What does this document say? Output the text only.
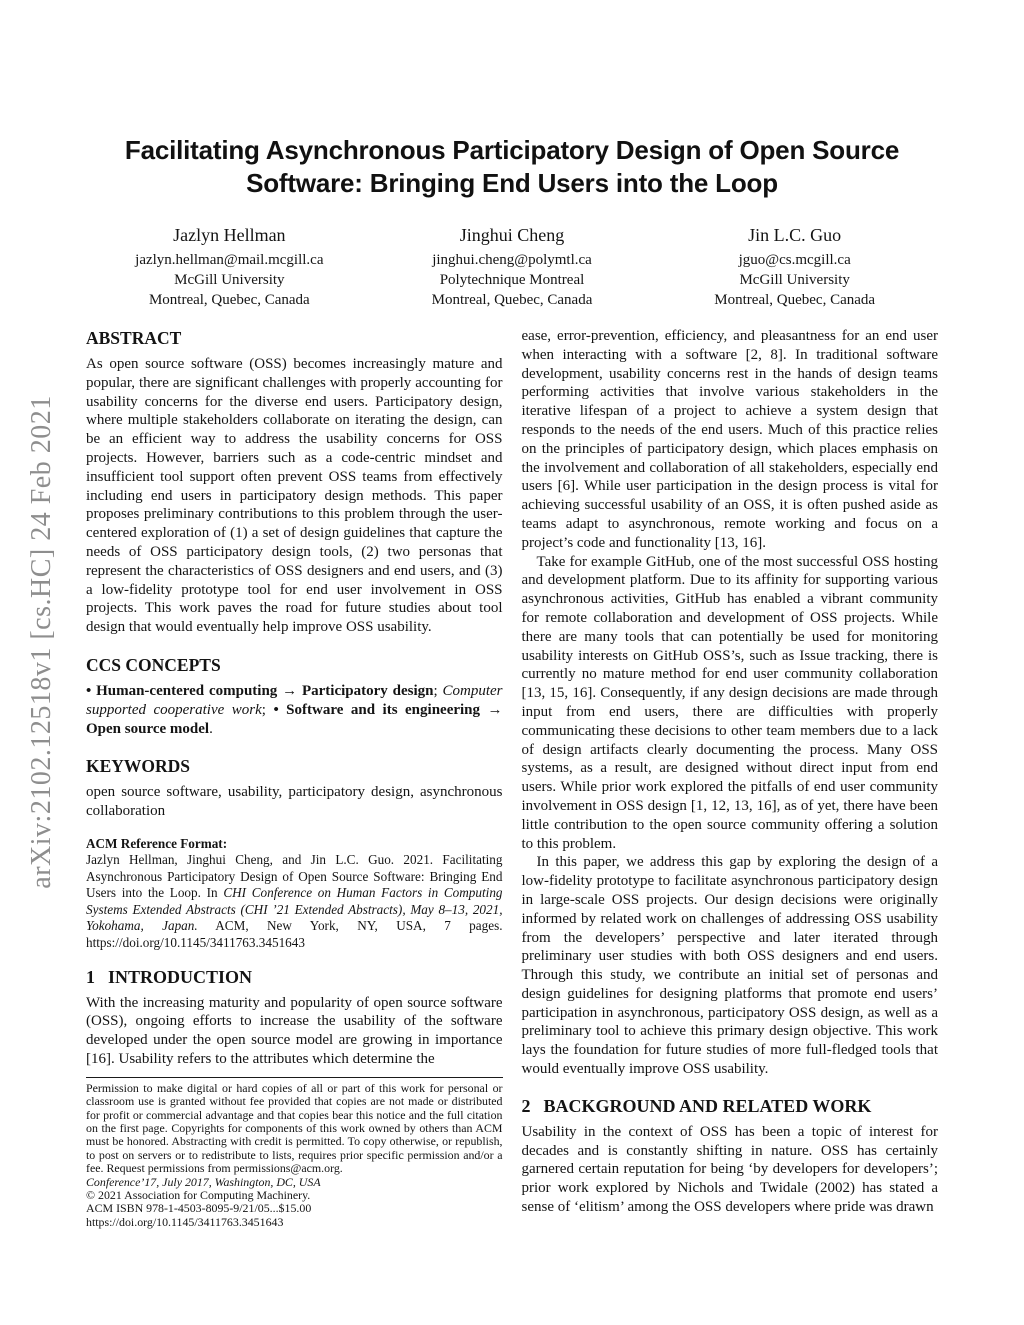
arXiv:2102.12518v1 [cs.HC] 24 Feb 2021
Facilitating Asynchronous Participatory Design of Open Source
Software: Bringing End Users into the Loop
Jazlyn Hellman
jazlyn.hellman@mail.mcgill.ca
McGill University
Montreal, Quebec, Canada
Jinghui Cheng
jinghui.cheng@polymtl.ca
Polytechnique Montreal
Montreal, Quebec, Canada
Jin L.C. Guo
jguo@cs.mcgill.ca
McGill University
Montreal, Quebec, Canada
ABSTRACT

As open source software (OSS) becomes increasingly mature and popular, there are significant challenges with properly accounting for usability concerns for the diverse end users. Participatory design, where multiple stakeholders collaborate on iterating the design, can be an efficient way to address the usability concerns for OSS projects. However, barriers such as a code-centric mindset and insufficient tool support often prevent OSS teams from effectively including end users in participatory design methods. This paper proposes preliminary contributions to this problem through the user-centered exploration of (1) a set of design guidelines that capture the needs of OSS participatory design tools, (2) two personas that represent the characteristics of OSS designers and end users, and (3) a low-fidelity prototype tool for end user involvement in OSS projects. This work paves the road for future studies about tool design that would eventually help improve OSS usability.

CCS CONCEPTS

• Human-centered computing → Participatory design; Computer supported cooperative work; • Software and its engineering → Open source model.

KEYWORDS

open source software, usability, participatory design, asynchronous collaboration

ACM Reference Format:

Jazlyn Hellman, Jinghui Cheng, and Jin L.C. Guo. 2021. Facilitating Asynchronous Participatory Design of Open Source Software: Bringing End Users into the Loop. In CHI Conference on Human Factors in Computing Systems Extended Abstracts (CHI ’21 Extended Abstracts), May 8–13, 2021, Yokohama, Japan. ACM, New York, NY, USA, 7 pages. https://doi.org/10.1145/3411763.3451643

1 INTRODUCTION

With the increasing maturity and popularity of open source software (OSS), ongoing efforts to increase the usability of the software developed under the open source model are growing in importance [16]. Usability refers to the attributes which determine the

Permission to make digital or hard copies of all or part of this work for personal or classroom use is granted without fee provided that copies are not made or distributed for profit or commercial advantage and that copies bear this notice and the full citation on the first page. Copyrights for components of this work owned by others than ACM must be honored. Abstracting with credit is permitted. To copy otherwise, or republish, to post on servers or to redistribute to lists, requires prior specific permission and/or a fee. Request permissions from permissions@acm.org.

Conference’17, July 2017, Washington, DC, USA
© 2021 Association for Computing Machinery.
ACM ISBN 978-1-4503-8095-9/21/05...$15.00
https://doi.org/10.1145/3411763.3451643

ease, error-prevention, efficiency, and pleasantness for an end user when interacting with a software [2, 8]. In traditional software development, usability concerns rest in the hands of design teams performing activities that involve various stakeholders in the iterative lifespan of a project to achieve a system design that responds to the needs of the end users. Much of this practice relies on the principles of participatory design, which places emphasis on the involvement and collaboration of all stakeholders, especially end users [6]. While user participation in the design process is vital for achieving successful usability of an OSS, it is often pushed aside as teams adapt to asynchronous, remote working and focus on a project’s code and functionality [13, 16].

Take for example GitHub, one of the most successful OSS hosting and development platform. Due to its affinity for supporting various asynchronous activities, GitHub has enabled a vibrant community for remote collaboration and development of OSS projects. While there are many tools that can potentially be used for monitoring usability interests on GitHub OSS’s, such as Issue tracking, there is currently no mature method for end user community collaboration [13, 15, 16]. Consequently, if any design decisions are made through input from end users, there are difficulties with properly communicating these decisions to other team members due to a lack of design artifacts clearly documenting the process. Many OSS systems, as a result, are designed without direct input from end users. While prior work explored the pitfalls of end user community involvement in OSS design [1, 12, 13, 16], as of yet, there have been little contribution to the open source community offering a solution to this problem.

In this paper, we address this gap by exploring the design of a low-fidelity prototype to facilitate asynchronous participatory design in large-scale OSS projects. Our design decisions were originally informed by related work on challenges of addressing OSS usability from the developers’ perspective and later iterated through preliminary user studies with both OSS designers and end users. Through this study, we contribute an initial set of personas and design guidelines for designing platforms that promote end users’ participation in asynchronous, participatory OSS design, as well as a preliminary tool to achieve this primary design objective. This work lays the foundation for future studies of more full-fledged tools that would eventually improve OSS usability.

2 BACKGROUND AND RELATED WORK

Usability in the context of OSS has been a topic of interest for decades and is constantly shifting in nature. OSS has certainly garnered certain reputation for being ‘by developers for developers’; prior work explored by Nichols and Twidale (2002) has stated a sense of ‘elitism’ among the OSS developers where pride was drawn
